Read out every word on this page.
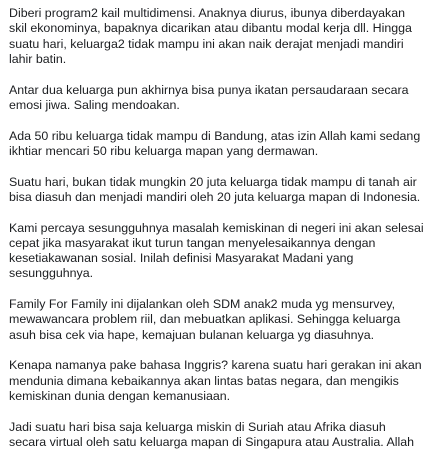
Diberi program2 kail multidimensi. Anaknya diurus, ibunya diberdayakan
skil ekonominya, bapaknya dicarikan atau dibantu modal kerja dll. Hingga
suatu hari, keluarga2 tidak mampu ini akan naik derajat menjadi mandiri
lahir batin.
Antar dua keluarga pun akhirnya bisa punya ikatan persaudaraan secara
emosi jiwa. Saling mendoakan.
Ada 50 ribu keluarga tidak mampu di Bandung, atas izin Allah kami sedang
ikhtiar mencari 50 ribu keluarga mapan yang dermawan.
Suatu hari, bukan tidak mungkin 20 juta keluarga tidak mampu di tanah air
bisa diasuh dan menjadi mandiri oleh 20 juta keluarga mapan di Indonesia.
Kami percaya sesungguhnya masalah kemiskinan di negeri ini akan selesai
cepat jika masyarakat ikut turun tangan menyelesaikannya dengan
kesetiakawanan sosial. Inilah definisi Masyarakat Madani yang
sesungguhnya.
Family For Family ini dijalankan oleh SDM anak2 muda yg mensurvey,
mewawancara problem riil, dan mebuatkan aplikasi. Sehingga keluarga
asuh bisa cek via hape, kemajuan bulanan keluarga yg diasuhnya.
Kenapa namanya pake bahasa Inggris? karena suatu hari gerakan ini akan
mendunia dimana kebaikannya akan lintas batas negara, dan mengikis
kemiskinan dunia dengan kemanusiaan.
Jadi suatu hari bisa saja keluarga miskin di Suriah atau Afrika diasuh
secara virtual oleh satu keluarga mapan di Singapura atau Australia. Allah
